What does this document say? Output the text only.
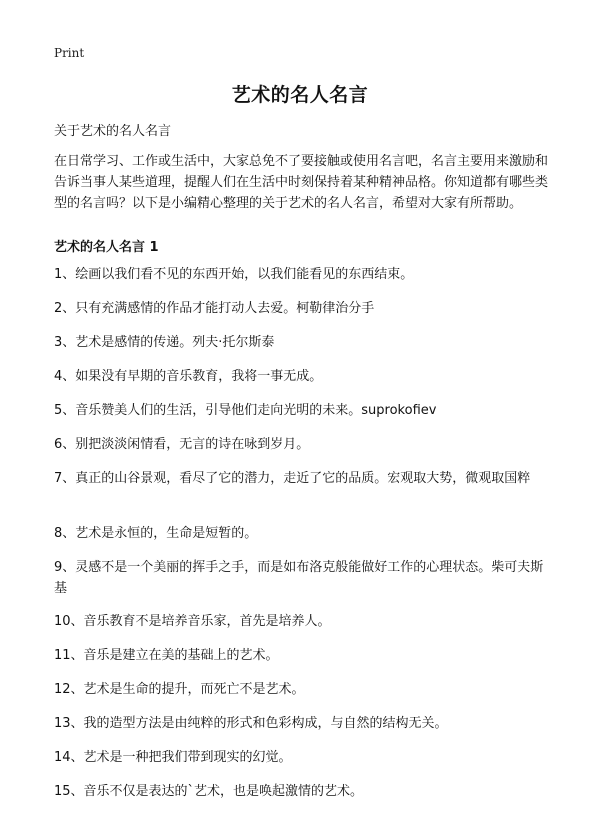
Print
艺术的名人名言

关于艺术的名人名言

在日常学习、工作或生活中，大家总免不了要接触或使用名言吧，名言主要用来激励和告诉当事人某些道理，提醒人们在生活中时刻保持着某种精神品格。你知道都有哪些类型的名言吗？以下是小编精心整理的关于艺术的名人名言，希望对大家有所帮助。

艺术的名人名言 1
1、绘画以我们看不见的东西开始，以我们能看见的东西结束。
2、只有充满感情的作品才能打动人去爱。柯勒律治分手
3、艺术是感情的传递。列夫·托尔斯泰
4、如果没有早期的音乐教育，我将一事无成。
5、音乐赞美人们的生活，引导他们走向光明的未来。suprokofiev
6、别把淡淡闲情看，无言的诗在咏到岁月。
7、真正的山谷景观，看尽了它的潜力，走近了它的品质。宏观取大势，微观取国粹
8、艺术是永恒的，生命是短暂的。
9、灵感不是一个美丽的挥手之手，而是如布洛克般能做好工作的心理状态。柴可夫斯基
10、音乐教育不是培养音乐家，首先是培养人。
11、音乐是建立在美的基础上的艺术。
12、艺术是生命的提升，而死亡不是艺术。
13、我的造型方法是由纯粹的形式和色彩构成，与自然的结构无关。
14、艺术是一种把我们带到现实的幻觉。
15、音乐不仅是表达的`艺术，也是唤起激情的艺术。
